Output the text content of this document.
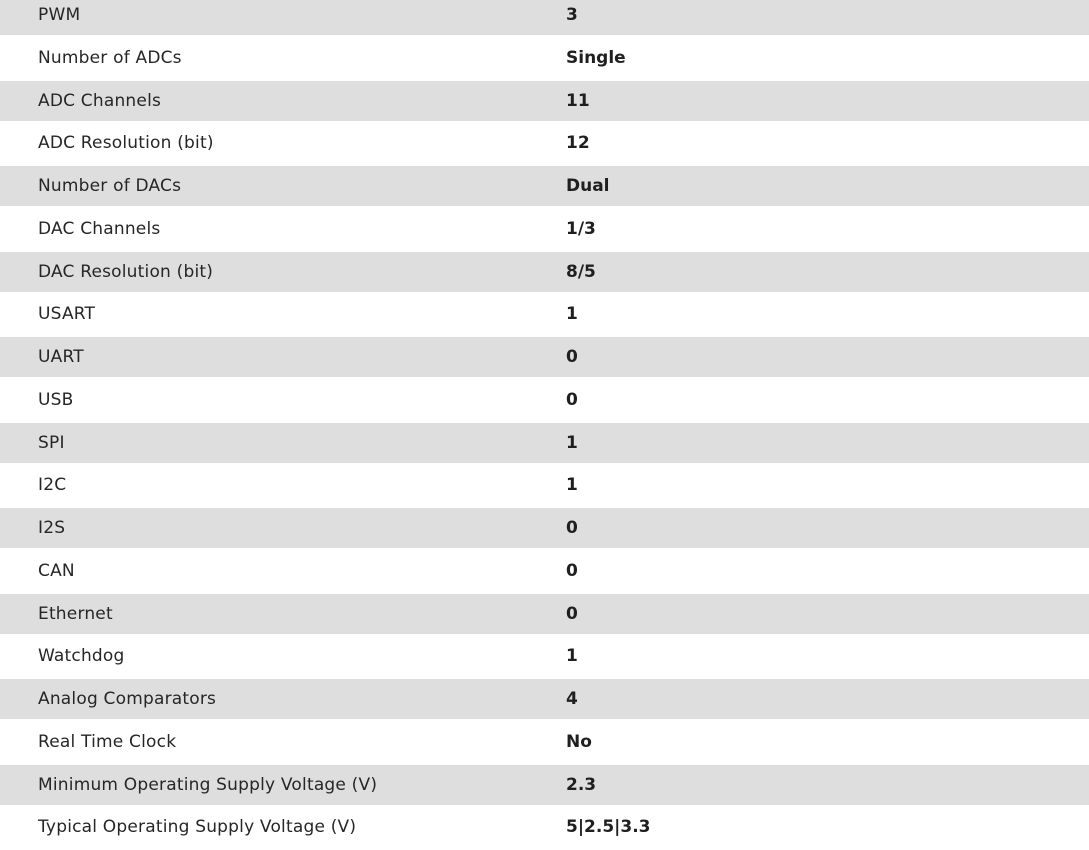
PWM	3
Number of ADCs	Single
ADC Channels	11
ADC Resolution (bit)	12
Number of DACs	Dual
DAC Channels	1/3
DAC Resolution (bit)	8/5
USART	1
UART	0
USB	0
SPI	1
I2C	1
I2S	0
CAN	0
Ethernet	0
Watchdog	1
Analog Comparators	4
Real Time Clock	No
Minimum Operating Supply Voltage (V)	2.3
Typical Operating Supply Voltage (V)	5|2.5|3.3
